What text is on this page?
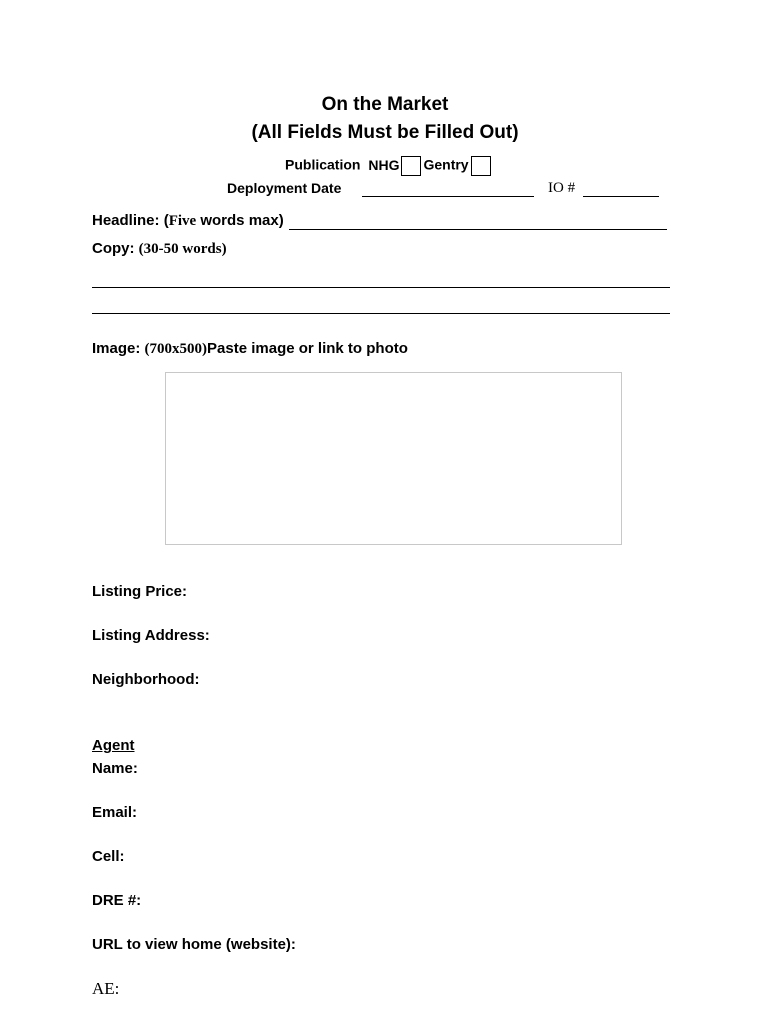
On the Market
(All Fields Must be Filled Out)
Publication NHG Gentry
Deployment Date	IO #
Headline: (Five words max)
Copy: (30-50 words)
Image: (700x500)Paste image or link to photo
Listing Price:
Listing Address:
Neighborhood:
Agent
Name:
Email:
Cell:
DRE #:
URL to view home (website):
AE:
